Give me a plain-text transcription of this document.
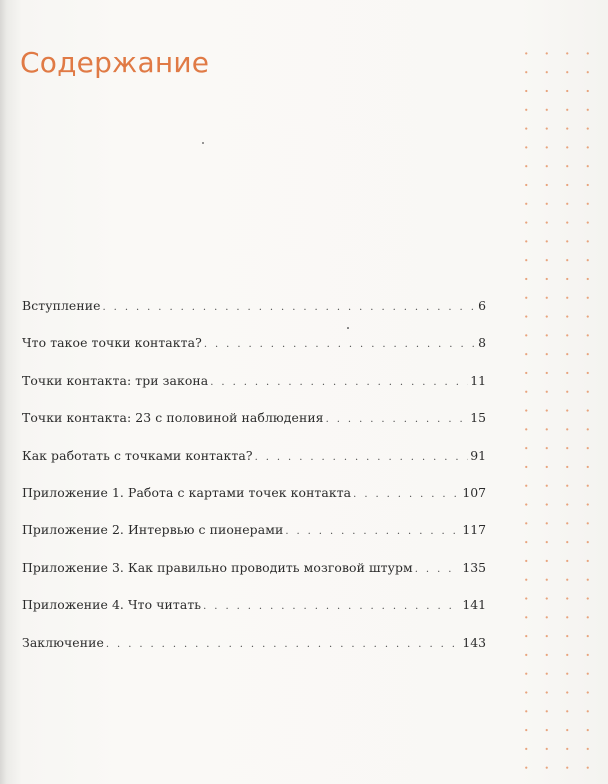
Содержание
Вступление . . .	6
Что такое точки контакта? . . .	8
Точки контакта: три закона . . .	11
Точки контакта: 23 с половиной наблюдения . . .	15
Как работать с точками контакта? . . .	91
Приложение 1. Работа с картами точек контакта . . .	107
Приложение 2. Интервью с пионерами . . .	117
Приложение 3. Как правильно проводить мозговой штурм . . .	135
Приложение 4. Что читать . . .	141
Заключение . . .	143
